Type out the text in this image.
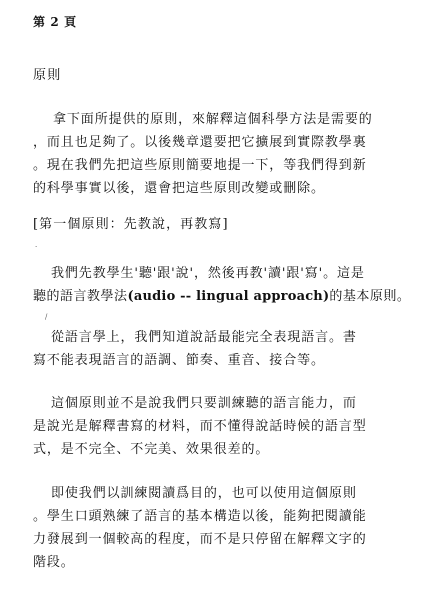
第 2 頁
原則
拿下面所提供的原則，來解釋這個科學方法是需要的
，而且也足夠了。以後幾章還要把它擴展到實際教學裏
。現在我們先把這些原則簡要地提一下，等我們得到新
的科學事實以後，還會把這些原則改變或刪除。
[第一個原則：先教說，再教寫]
·
我們先教學生'聽'跟'說'，然後再教'讀'跟'寫'。這是
聽的語言教學法(audio -- lingual approach)的基本原則。
/
從語言學上，我們知道說話最能完全表現語言。書
寫不能表現語言的語調、節奏、重音、接合等。
這個原則並不是說我們只要訓練聽的語言能力，而
是說光是解釋書寫的材料，而不懂得說話時候的語言型
式，是不完全、不完美、效果很差的。
即使我們以訓練閱讀爲目的，也可以使用這個原則
。學生口頭熟練了語言的基本構造以後，能夠把閱讀能
力發展到一個較高的程度，而不是只停留在解釋文字的
階段。
